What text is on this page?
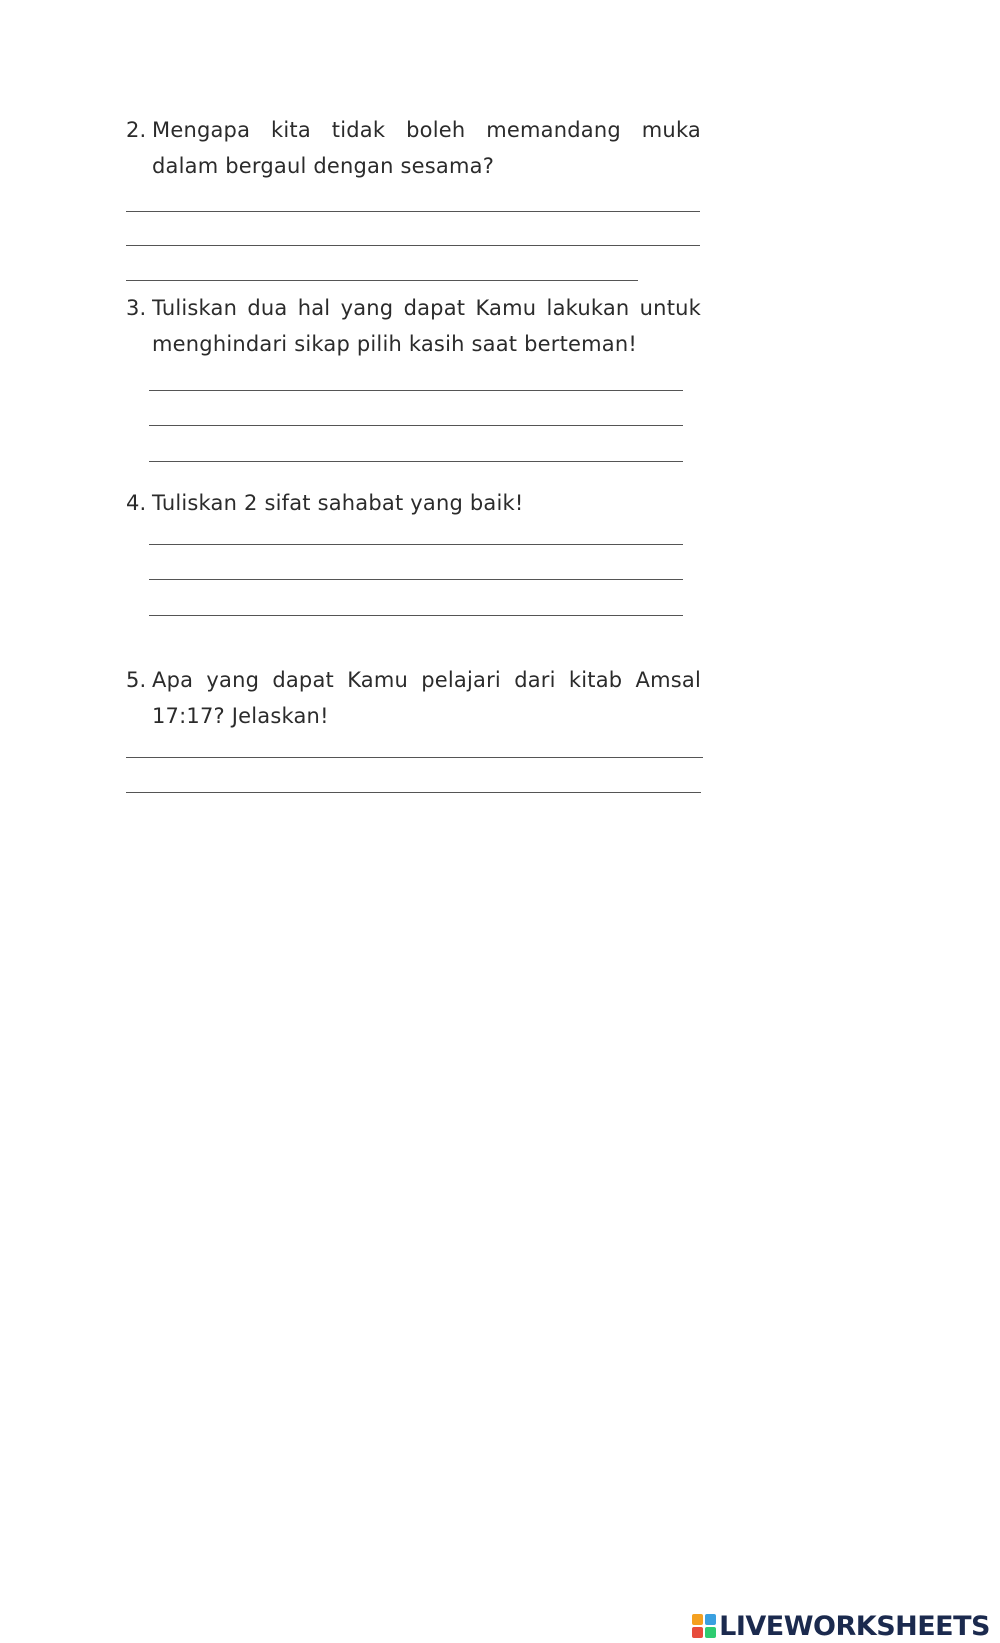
2. Mengapa kita tidak boleh memandang muka
dalam bergaul dengan sesama?
3. Tuliskan dua hal yang dapat Kamu lakukan untuk
menghindari sikap pilih kasih saat berteman!
4. Tuliskan 2 sifat sahabat yang baik!
5. Apa yang dapat Kamu pelajari dari kitab Amsal
17:17? Jelaskan!
LIVEWORKSHEETS
